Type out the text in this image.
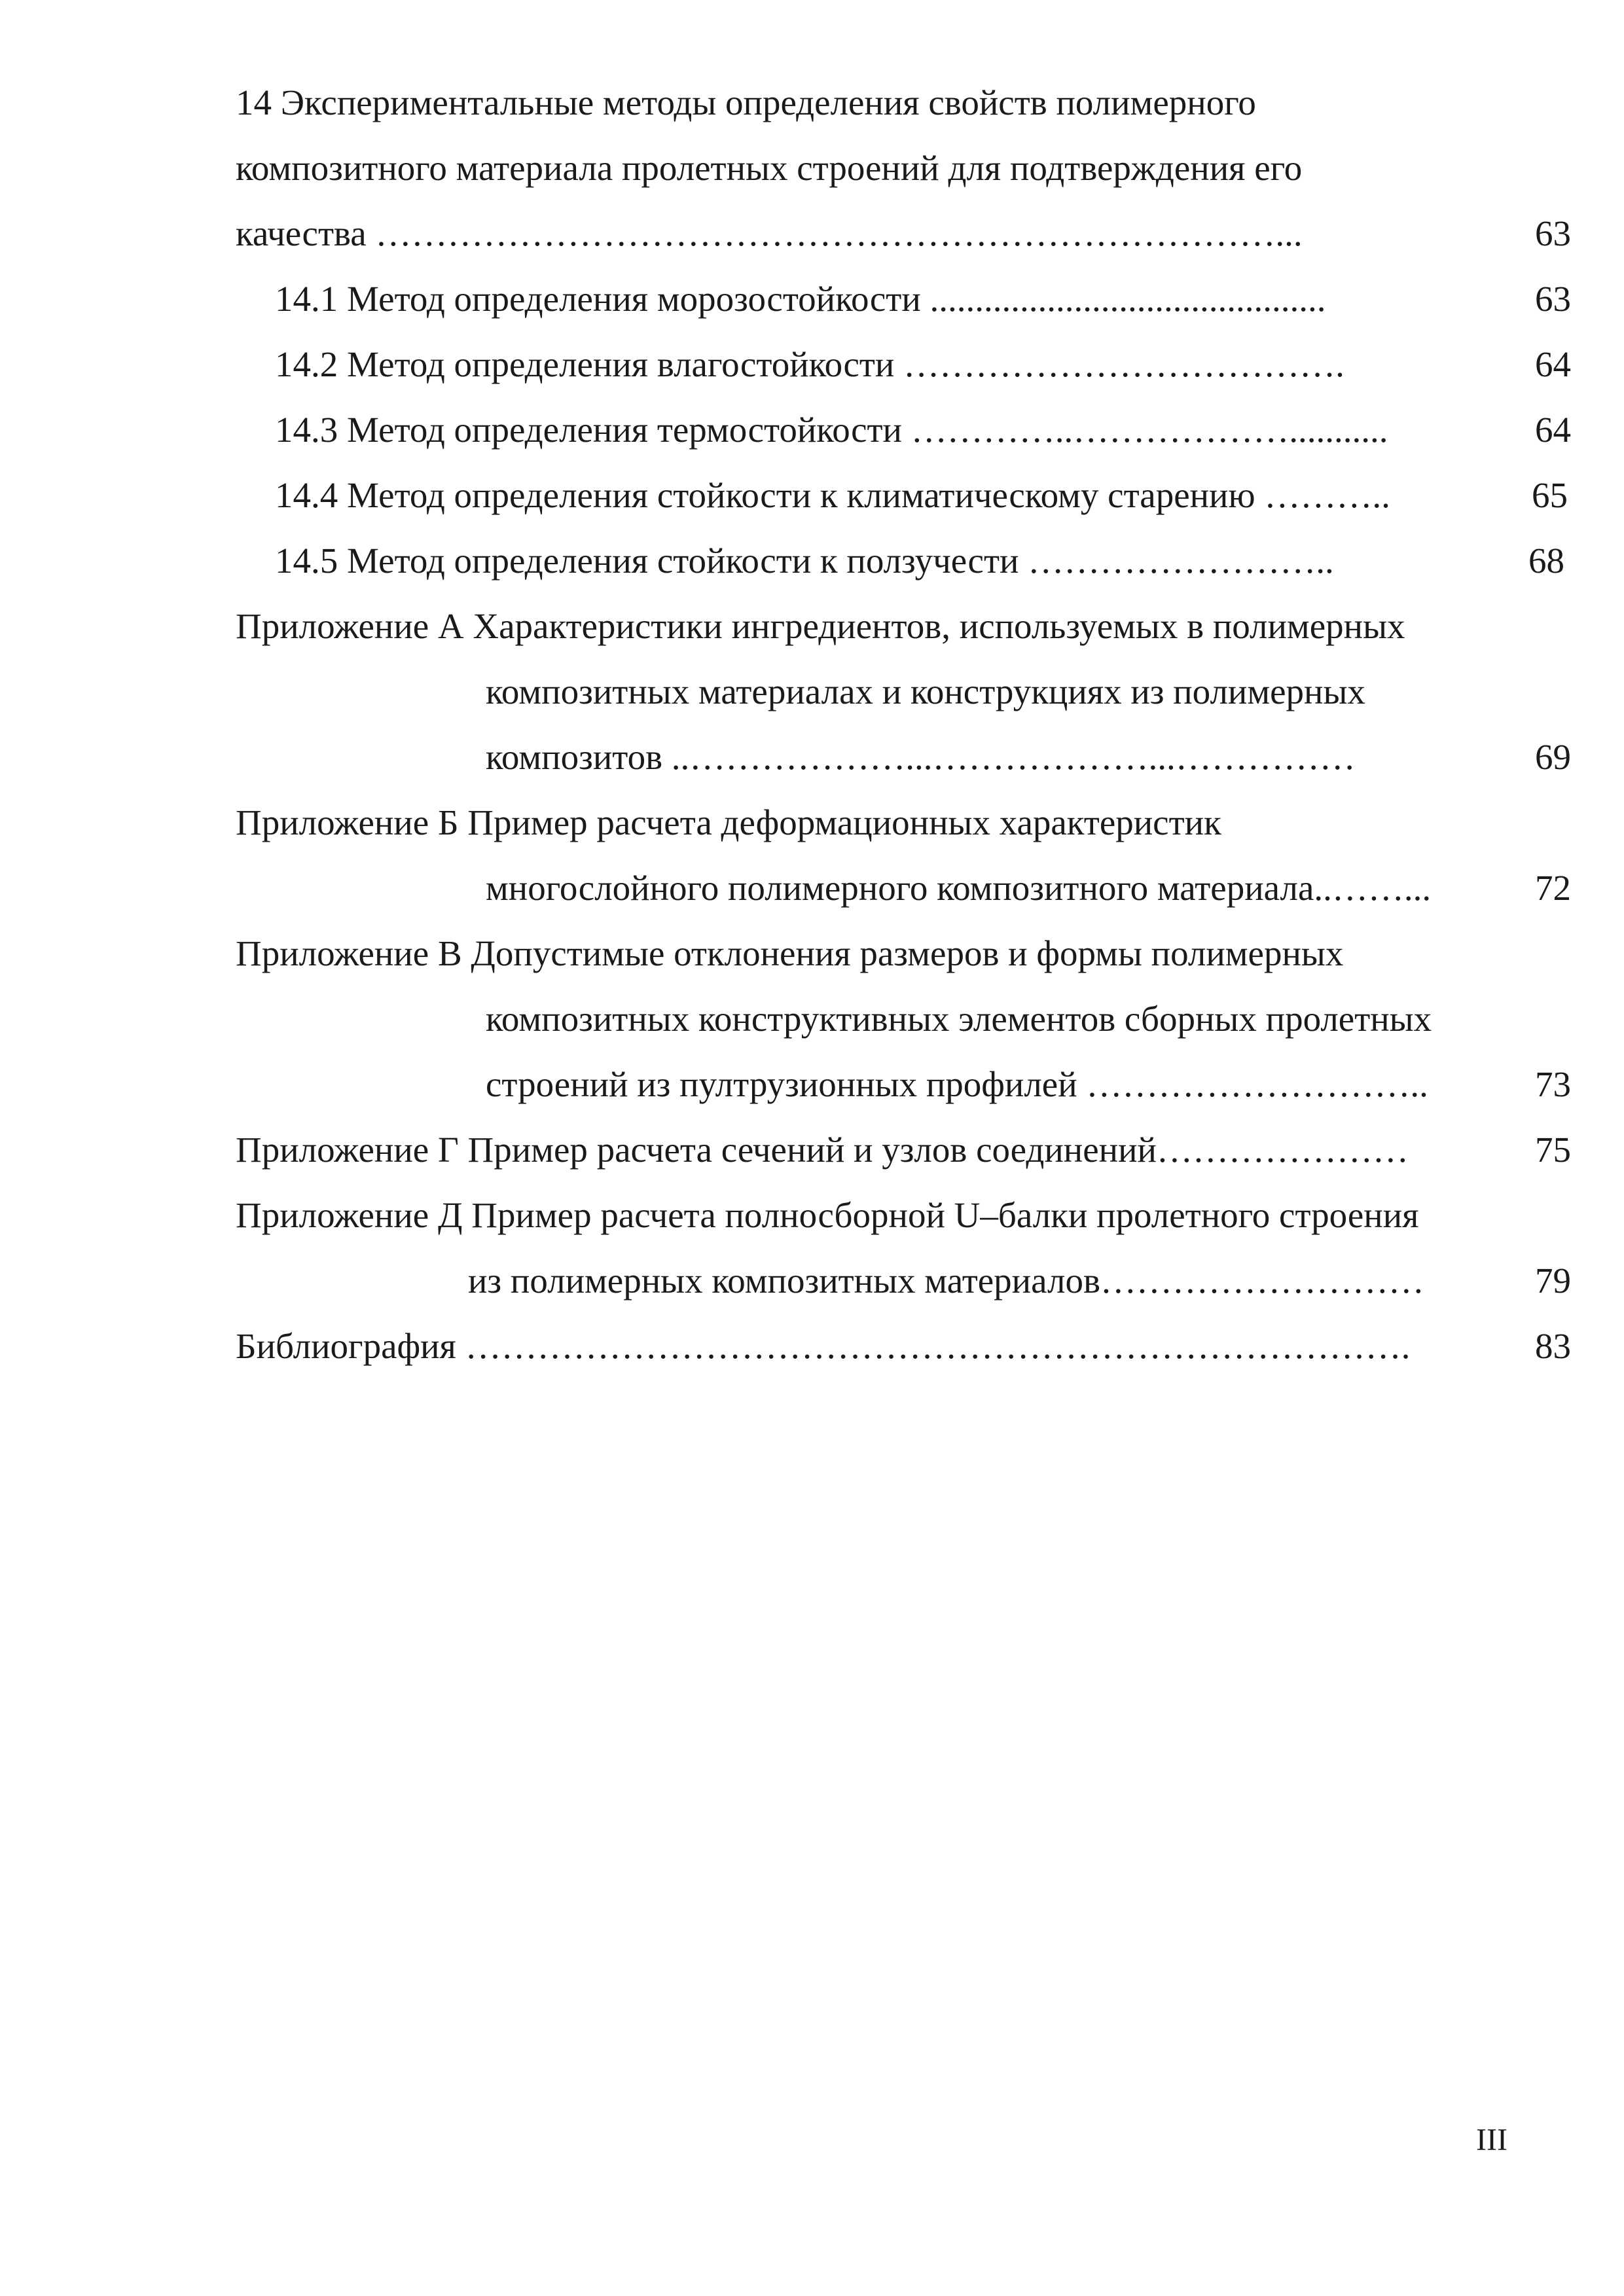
14 Экспериментальные методы определения свойств полимерного
композитного материала пролетных строений для подтверждения его
качества …………………………………………………………………...	63
14.1 Метод определения морозостойкости ............................................	63
14.2 Метод определения влагостойкости ……………………………….	64
14.3 Метод определения термостойкости …………..………………...........	64
14.4 Метод определения стойкости к климатическому старению ………..	65
14.5 Метод определения стойкости к ползучести ……………………..	68
Приложение А Характеристики ингредиентов, используемых в полимерных
композитных материалах и конструкциях из полимерных
композитов ..………………...………………...……………	69
Приложение Б Пример расчета деформационных характеристик
многослойного полимерного композитного материала..……...	72
Приложение В Допустимые отклонения размеров и формы полимерных
композитных конструктивных элементов сборных пролетных
строений из пултрузионных профилей ………………………..	73
Приложение Г Пример расчета сечений и узлов соединений…………………	75
Приложение Д Пример расчета полносборной U–балки пролетного строения
из полимерных композитных материалов………………………	79
Библиография …………………………………………………………………….	83
III
